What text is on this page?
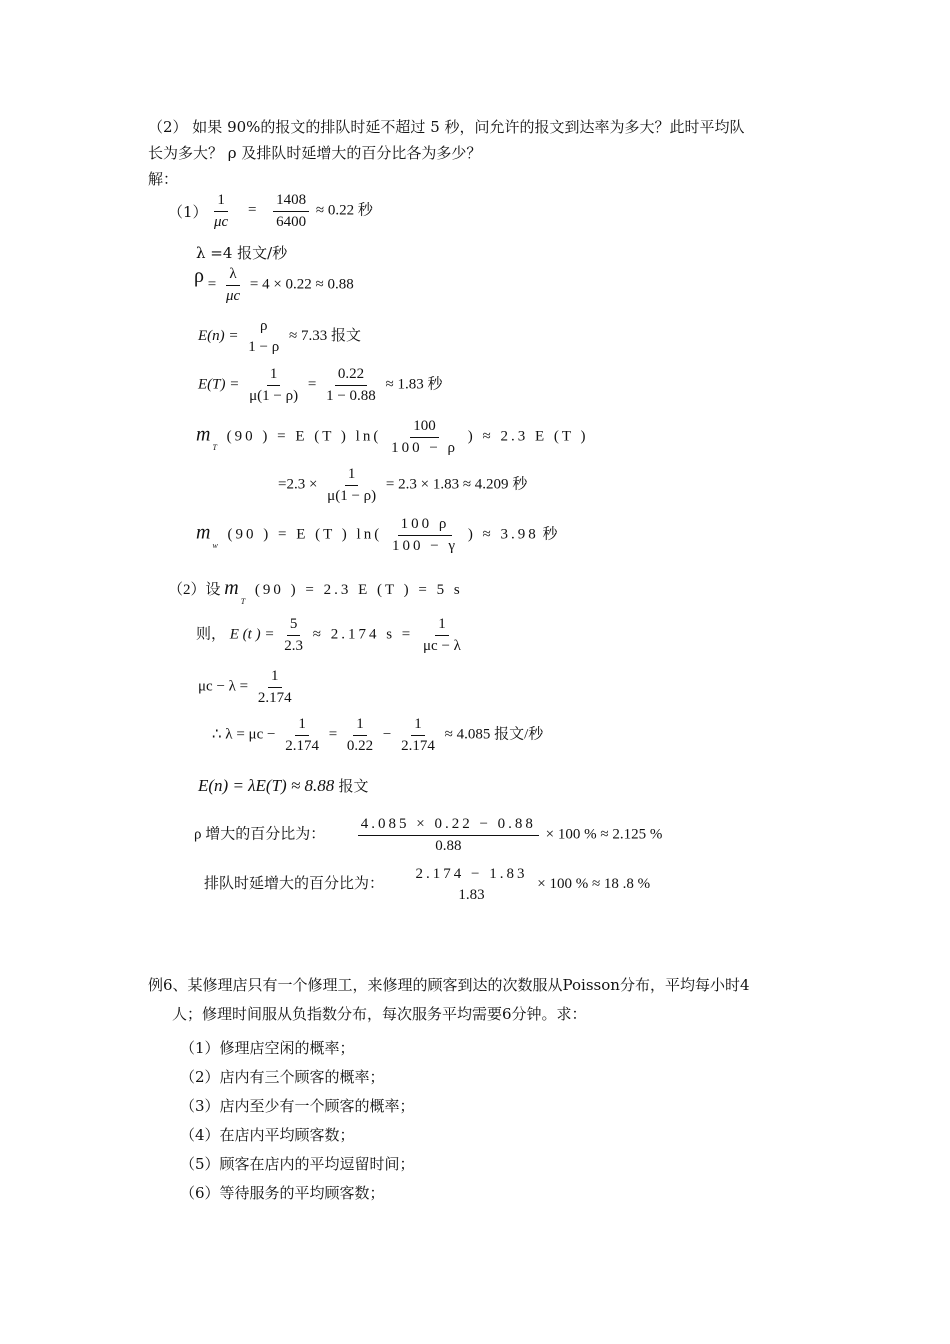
（2） 如果 90%的报文的排队时延不超过 5 秒，问允许的报文到达率为多大？此时平均队
长为多大？ ρ 及排队时延增大的百分比各为多少？
解：
$(1) \frac{1}{\mu c} = \frac{1408}{6400} \approx 0.22$ 秒
λ =4 报文/秒
$\rho = \frac{\lambda}{\mu c} = 4 \times 0.22 \approx 0.88$
E(n) =
ρ
1 − ρ
≈ 7.33 报文
$E(T) = \frac{1}{\mu(1 - \rho)} = \frac{0.22}{1 - 0.88} \approx 1.83$ 秒
$m_T$ (90 ) = E (T ) $\ln( \frac{100}{100 - \rho}$ ) ≈ 2.3 E (T )
$=2.3 \times \frac{1}{\mu(1 - \rho)} = 2.3 \times 1.83 \approx 4.209$ 秒
$m_w$ (90 ) = E (T ) $\ln( \frac{100 \rho}{100 - \gamma}$ ) ≈ 3.98 秒
（2）设 $m_T$ (90 ) = 2.3 E (T ) = 5 s
则， E (t ) = $\frac{5}{2.3} \approx 2.174$ $s = \frac{1}{\mu c - \lambda}$
$\mu c - \lambda = \frac{1}{2.174}$
∴ $\lambda = \mu c - \frac{1}{2.174} = \frac{1}{0.22} - \frac{1}{2.174} \approx 4.085$ 报文/秒
E(n) = λE(T) ≈ 8.88 报文
ρ 增大的百分比为： $\frac{4.085 \times 0.22 - 0.88}{0.88} \times 100$ % ≈ 2.125 %
排队时延增大的百分比为：
2.174 − 1.83
1.83
× 100 % ≈ 18 .8 %
例6、某修理店只有一个修理工，来修理的顾客到达的次数服从Poisson分布，平均每小时4
人；修理时间服从负指数分布，每次服务平均需要6分钟。求：
（1）修理店空闲的概率；
（2）店内有三个顾客的概率；
（3）店内至少有一个顾客的概率；
（4）在店内平均顾客数；
（5）顾客在店内的平均逗留时间；
（6）等待服务的平均顾客数；
